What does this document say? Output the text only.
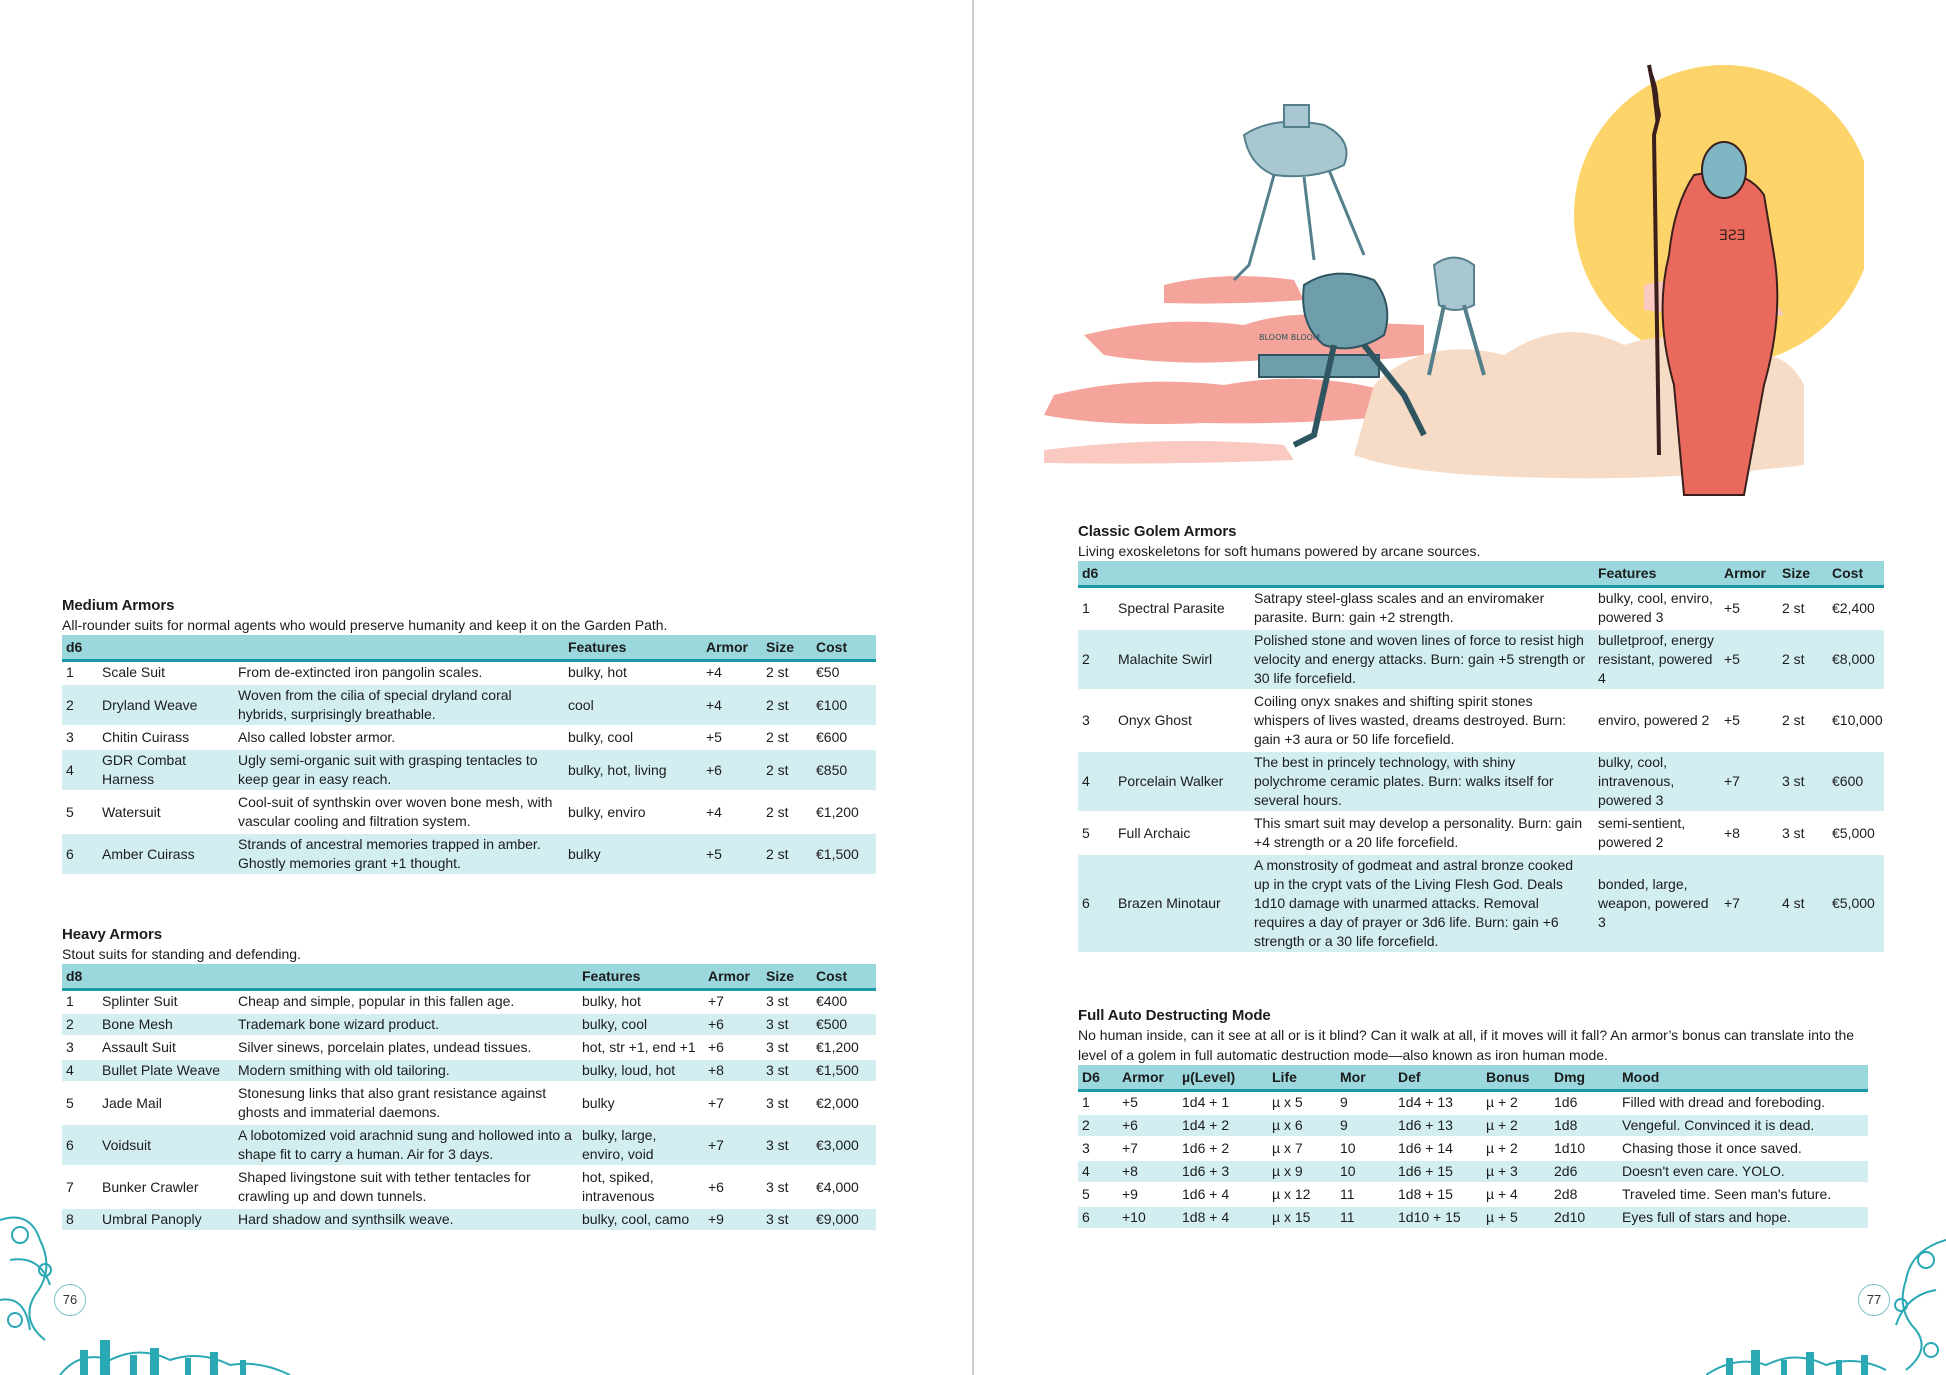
Medium Armors
All-rounder suits for normal agents who would preserve humanity and keep it on the Garden Path.
d6			Features	Armor	Size	Cost
1	Scale Suit	From de-extincted iron pangolin scales.	bulky, hot	+4	2 st	€50
2	Dryland Weave	Woven from the cilia of special dryland coral hybrids, surprisingly breathable.	cool	+4	2 st	€100
3	Chitin Cuirass	Also called lobster armor.	bulky, cool	+5	2 st	€600
4	GDR Combat Harness	Ugly semi-organic suit with grasping tentacles to keep gear in easy reach.	bulky, hot, living	+6	2 st	€850
5	Watersuit	Cool-suit of synthskin over woven bone mesh, with vascular cooling and filtration system.	bulky, enviro	+4	2 st	€1,200
6	Amber Cuirass	Strands of ancestral memories trapped in amber. Ghostly memories grant +1 thought.	bulky	+5	2 st	€1,500
Heavy Armors
Stout suits for standing and defending.
d8			Features	Armor	Size	Cost
1	Splinter Suit	Cheap and simple, popular in this fallen age.	bulky, hot	+7	3 st	€400
2	Bone Mesh	Trademark bone wizard product.	bulky, cool	+6	3 st	€500
3	Assault Suit	Silver sinews, porcelain plates, undead tissues.	hot, str +1, end +1	+6	3 st	€1,200
4	Bullet Plate Weave	Modern smithing with old tailoring.	bulky, loud, hot	+8	3 st	€1,500
5	Jade Mail	Stonesung links that also grant resistance against ghosts and immaterial daemons.	bulky	+7	3 st	€2,000
6	Voidsuit	A lobotomized void arachnid sung and hollowed into a shape fit to carry a human. Air for 3 days.	bulky, large, enviro, void	+7	3 st	€3,000
7	Bunker Crawler	Shaped livingstone suit with tether tentacles for crawling up and down tunnels.	hot, spiked, intravenous	+6	3 st	€4,000
8	Umbral Panoply	Hard shadow and synthsilk weave.	bulky, cool, camo	+9	3 st	€9,000
76
BLOOM BLOOM
ƎƧƎ
Classic Golem Armors
Living exoskeletons for soft humans powered by arcane sources.
d6			Features	Armor	Size	Cost
1	Spectral Parasite	Satrapy steel-glass scales and an enviromaker parasite. Burn: gain +2 strength.	bulky, cool, enviro, powered 3	+5	2 st	€2,400
2	Malachite Swirl	Polished stone and woven lines of force to resist high velocity and energy attacks. Burn: gain +5 strength or 30 life forcefield.	bulletproof, energy resistant, powered 4	+5	2 st	€8,000
3	Onyx Ghost	Coiling onyx snakes and shifting spirit stones whispers of lives wasted, dreams destroyed. Burn: gain +3 aura or 50 life forcefield.	enviro, powered 2	+5	2 st	€10,000
4	Porcelain Walker	The best in princely technology, with shiny polychrome ceramic plates. Burn: walks itself for several hours.	bulky, cool, intravenous, powered 3	+7	3 st	€600
5	Full Archaic	This smart suit may develop a personality. Burn: gain +4 strength or a 20 life forcefield.	semi-sentient, powered 2	+8	3 st	€5,000
6	Brazen Minotaur	A monstrosity of godmeat and astral bronze cooked up in the crypt vats of the Living Flesh God. Deals 1d10 damage with unarmed attacks. Removal requires a day of prayer or 3d6 life. Burn: gain +6 strength or a 30 life forcefield.	bonded, large, weapon, powered 3	+7	4 st	€5,000
Full Auto Destructing Mode
No human inside, can it see at all or is it blind? Can it walk at all, if it moves will it fall? An armor’s bonus can translate into the level of a golem in full automatic destruction mode—also known as iron human mode.
D6	Armor	µ(Level)	Life	Mor	Def	Bonus	Dmg	Mood
1	+5	1d4 + 1	µ x 5	9	1d4 + 13	µ + 2	1d6	Filled with dread and foreboding.
2	+6	1d4 + 2	µ x 6	9	1d6 + 13	µ + 2	1d8	Vengeful. Convinced it is dead.
3	+7	1d6 + 2	µ x 7	10	1d6 + 14	µ + 2	1d10	Chasing those it once saved.
4	+8	1d6 + 3	µ x 9	10	1d6 + 15	µ + 3	2d6	Doesn't even care. YOLO.
5	+9	1d6 + 4	µ x 12	11	1d8 + 15	µ + 4	2d8	Traveled time. Seen man's future.
6	+10	1d8 + 4	µ x 15	11	1d10 + 15	µ + 5	2d10	Eyes full of stars and hope.
77
